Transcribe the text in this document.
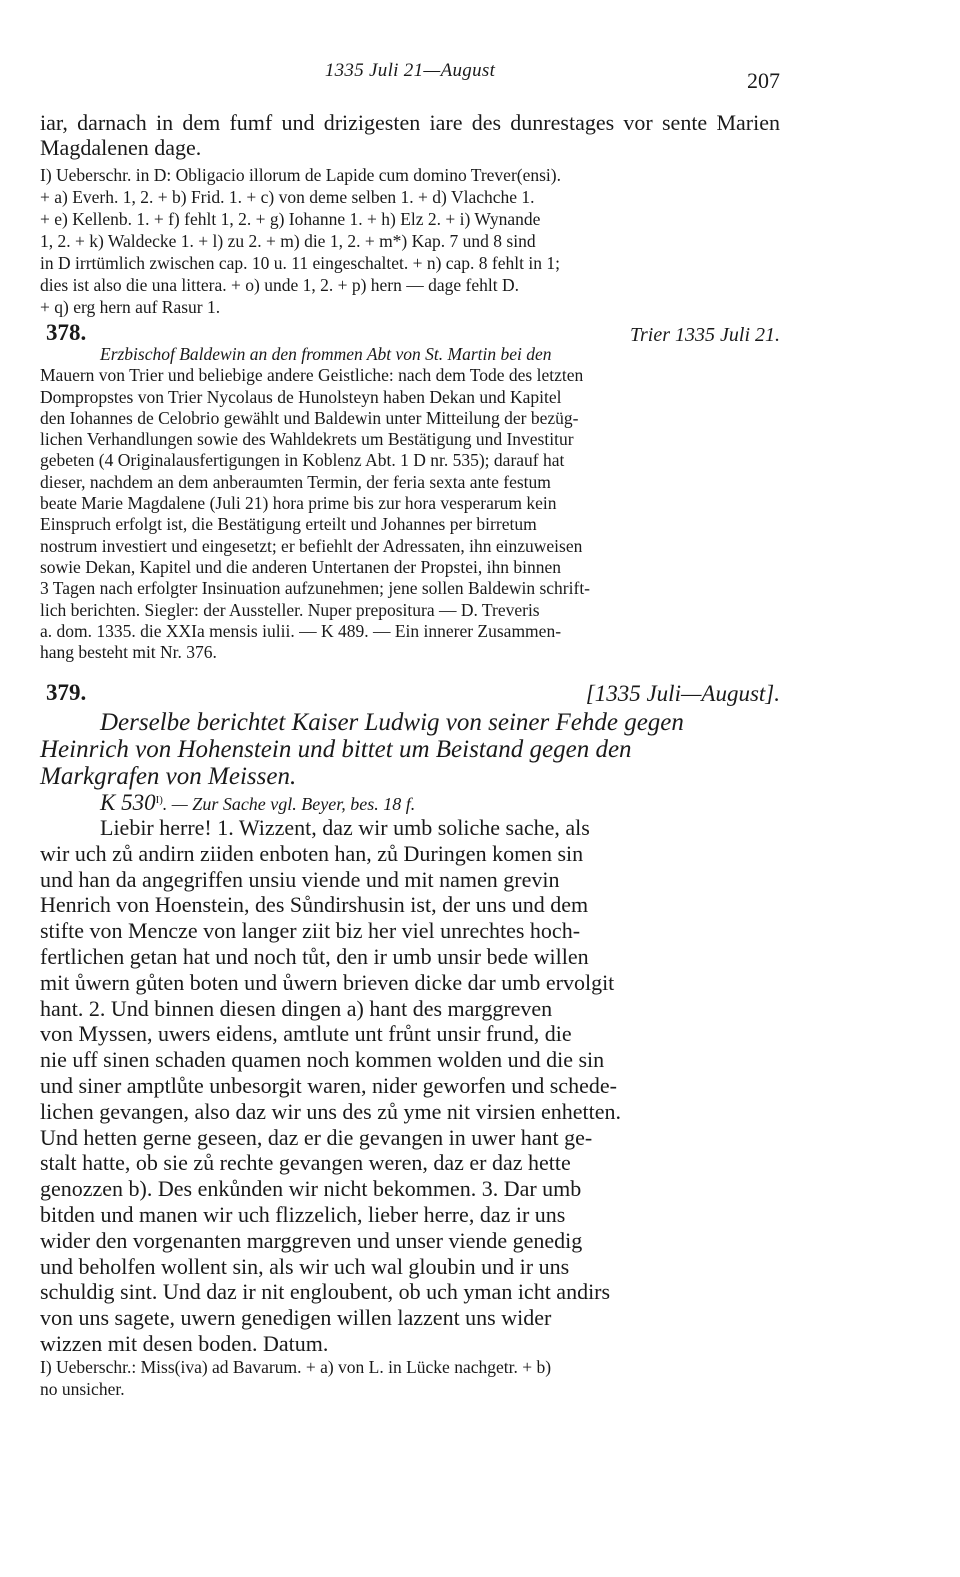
1335 Juli 21—August	207
iar, darnach in dem fumf und drizigesten iare des dunrestages vor sente Marien Magdalenen dage.
I) Ueberschr. in D: Obligacio illorum de Lapide cum domino Trever(ensi).
+ a) Everh. 1, 2. + b) Frid. 1. + c) von deme selben 1. + d) Vlachche 1.
+ e) Kellenb. 1. + f) fehlt 1, 2. + g) Iohanne 1. + h) Elz 2. + i) Wynande
1, 2. + k) Waldecke 1. + l) zu 2. + m) die 1, 2. + m*) Kap. 7 und 8 sind
in D irrtümlich zwischen cap. 10 u. 11 eingeschaltet. + n) cap. 8 fehlt in 1;
dies ist also die una littera. + o) unde 1, 2. + p) hern — dage fehlt D.
+ q) erg hern auf Rasur 1.
378.	Trier 1335 Juli 21.
Erzbischof Baldewin an den frommen Abt von St. Martin bei den
Mauern von Trier und beliebige andere Geistliche: nach dem Tode des letzten
Dompropstes von Trier Nycolaus de Hunolsteyn haben Dekan und Kapitel
den Iohannes de Celobrio gewählt und Baldewin unter Mitteilung der bezüg-
lichen Verhandlungen sowie des Wahldekrets um Bestätigung und Investitur
gebeten (4 Originalausfertigungen in Koblenz Abt. 1 D nr. 535); darauf hat
dieser, nachdem an dem anberaumten Termin, der feria sexta ante festum
beate Marie Magdalene (Juli 21) hora prime bis zur hora vesperarum kein
Einspruch erfolgt ist, die Bestätigung erteilt und Johannes per birretum
nostrum investiert und eingesetzt; er befiehlt der Adressaten, ihn einzuweisen
sowie Dekan, Kapitel und die anderen Untertanen der Propstei, ihn binnen
3 Tagen nach erfolgter Insinuation aufzunehmen; jene sollen Baldewin schrift-
lich berichten. Siegler: der Aussteller. Nuper prepositura — D. Treveris
a. dom. 1335. die XXIa mensis iulii. — K 489. — Ein innerer Zusammen-
hang besteht mit Nr. 376.
379.	[1335 Juli—August].
Derselbe berichtet Kaiser Ludwig von seiner Fehde gegen
Heinrich von Hohenstein und bittet um Beistand gegen den
Markgrafen von Meissen.
K $530^{I)}$. — Zur Sache vgl. Beyer, bes. 18 f.
Liebir herre! 1. Wizzent, daz wir umb soliche sache, als
wir uch zů andirn ziiden enboten han, zů Duringen komen sin
und han da angegriffen unsiu viende und mit namen grevin
Henrich von Hoenstein, des Sůndirshusin ist, der uns und dem
stifte von Mencze von langer ziit biz her viel unrechtes hoch-
fertlichen getan hat und noch tůt, den ir umb unsir bede willen
mit ůwern gůten boten und ůwern brieven dicke dar umb ervolgit
hant. 2. Und binnen diesen dingen a) hant des marggreven
von Myssen, uwers eidens, amtlute unt frůnt unsir frund, die
nie uff sinen schaden quamen noch kommen wolden und die sin
und siner amptlůte unbesorgit waren, nider geworfen und schede-
lichen gevangen, also daz wir uns des zů yme nit virsien enhetten.
Und hetten gerne geseen, daz er die gevangen in uwer hant ge-
stalt hatte, ob sie zů rechte gevangen weren, daz er daz hette
genozzen b). Des enkůnden wir nicht bekommen. 3. Dar umb
bitden und manen wir uch flizzelich, lieber herre, daz ir uns
wider den vorgenanten marggreven und unser viende genedig
und beholfen wollent sin, als wir uch wal gloubin und ir uns
schuldig sint. Und daz ir nit engloubent, ob uch yman icht andirs
von uns sagete, uwern genedigen willen lazzent uns wider
wizzen mit desen boden. Datum.
I) Ueberschr.: Miss(iva) ad Bavarum. + a) von L. in Lücke nachgetr. + b)
no unsicher.
